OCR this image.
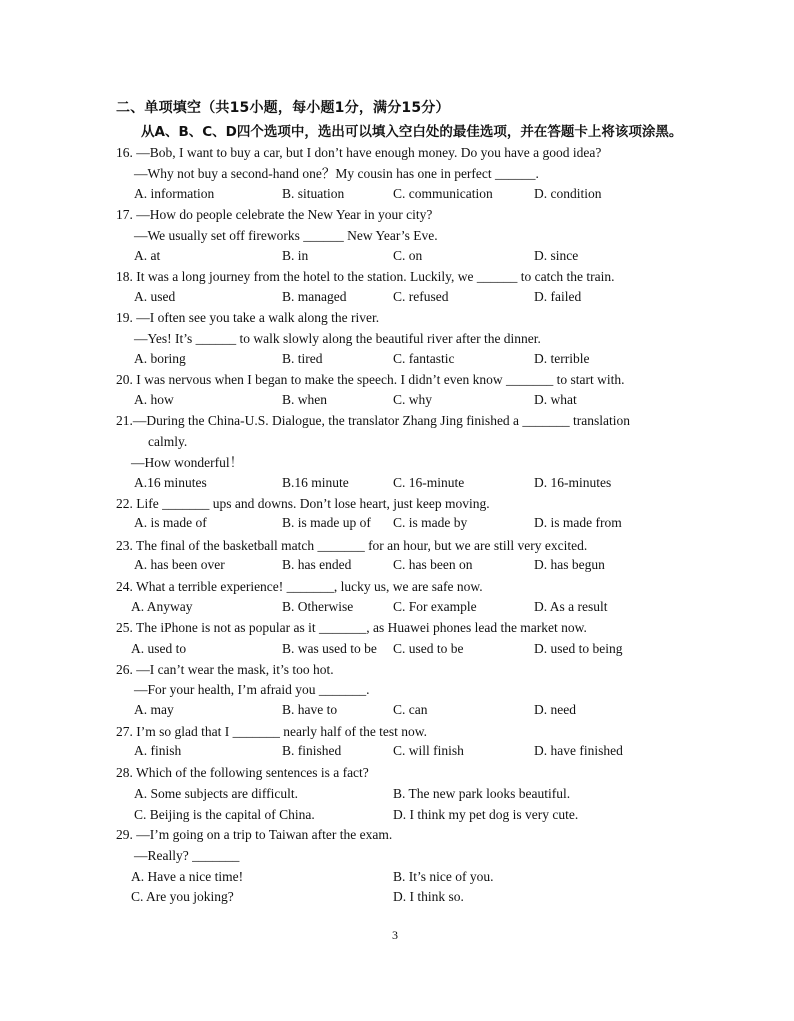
二、单项填空（共15小题，每小题1分，满分15分）
从A、B、C、D四个选项中，选出可以填入空白处的最佳选项，并在答题卡上将该项涂黑。
16. —Bob, I want to buy a car, but I don’t have enough money. Do you have a good idea?
—Why not buy a second-hand one？My cousin has one in perfect ______.
A. information	B. situation	C. communication	D. condition
17. —How do people celebrate the New Year in your city?
—We usually set off fireworks ______ New Year’s Eve.
A. at	B. in	C. on	D. since
18. It was a long journey from the hotel to the station. Luckily, we ______ to catch the train.
A. used	B. managed	C. refused	D. failed
19. —I often see you take a walk along the river.
—Yes! It’s ______ to walk slowly along the beautiful river after the dinner.
A. boring	B. tired	C. fantastic	D. terrible
20. I was nervous when I began to make the speech. I didn’t even know _______ to start with.
A. how	B. when	C. why	D. what
21.—During the China-U.S. Dialogue, the translator Zhang Jing finished a _______ translation
calmly.
—How wonderful！
A.16 minutes	B.16 minute	C. 16-minute	D. 16-minutes
22. Life _______ ups and downs. Don’t lose heart, just keep moving.
A. is made of	B. is made up of C. is made by	D. is made from
23. The final of the basketball match _______ for an hour, but we are still very excited.
A. has been over	B. has ended	C. has been on	D. has begun
24. What a terrible experience! _______, lucky us, we are safe now.
A. Anyway	B. Otherwise	C. For example	D. As a result
25. The iPhone is not as popular as it _______, as Huawei phones lead the market now.
A. used to	B. was used to be C. used to be	D. used to being
26. —I can’t wear the mask, it’s too hot.
—For your health, I’m afraid you _______.
A. may	B. have to	C. can	D. need
27. I’m so glad that I _______ nearly half of the test now.
A. finish	B. finished	C. will finish	D. have finished
28. Which of the following sentences is a fact?
A. Some subjects are difficult.	B. The new park looks beautiful.
C. Beijing is the capital of China.	D. I think my pet dog is very cute.
29. —I’m going on a trip to Taiwan after the exam.
—Really? _______
A. Have a nice time!	B. It’s nice of you.
C. Are you joking?	D. I think so.
3
